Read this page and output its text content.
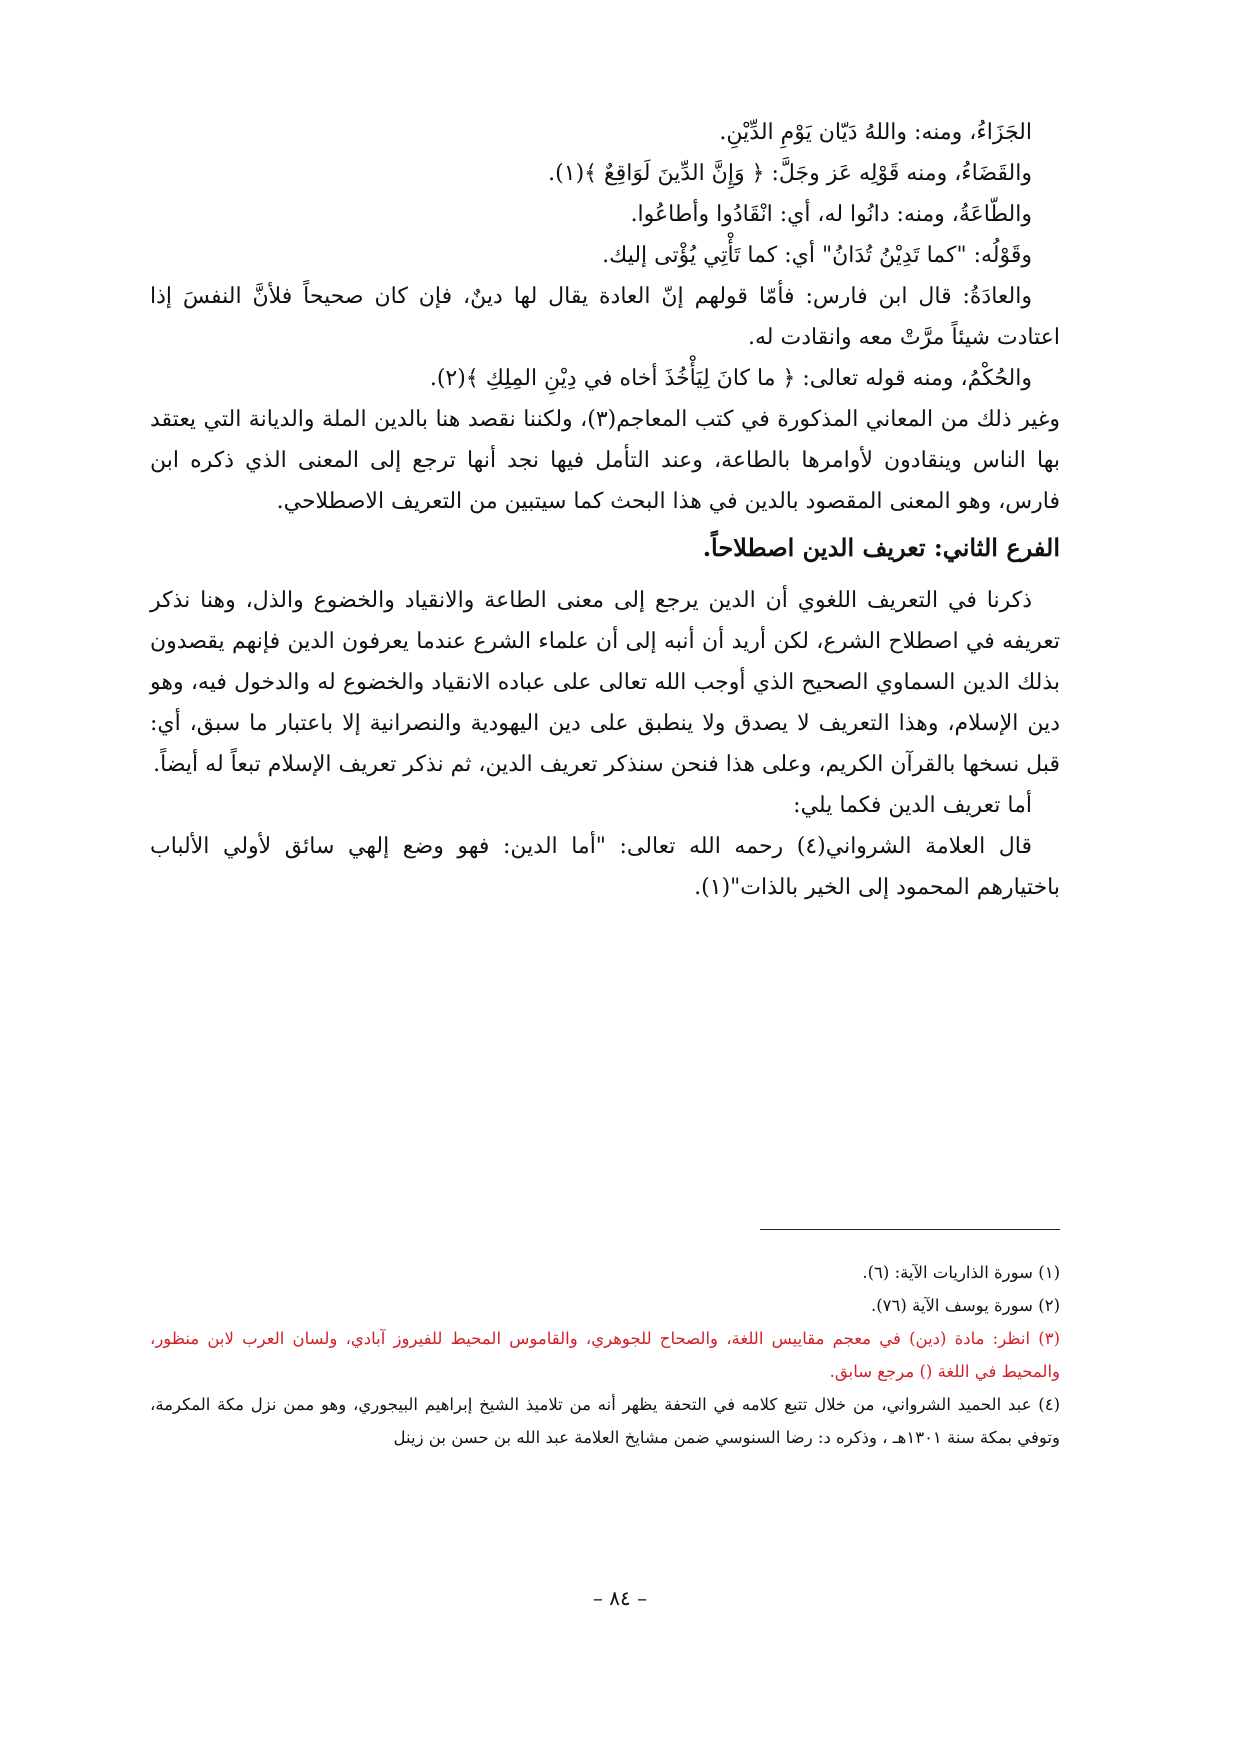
الجَزَاءُ، ومنه: واللهُ دَيّان يَوْمِ الدِّيْنِ.

والقَضَاءُ، ومنه قَوْلِه عَز وجَلَّ: ﴿ وَإِنَّ الدِّينَ لَوَاقِعٌ ﴾(١).

والطّاعَةُ، ومنه: دانُوا له، أي: انْقَادُوا وأطاعُوا.

وقَوْلُه: "كما تَدِيْنُ تُدَانُ" أي: كما تَأْتِي يُؤْتى إليك.

والعادَةُ: قال ابن فارس: فأمّا قولهم إنّ العادة يقال لها دينٌ، فإن كان صحيحاً فلأنَّ النفسَ إذا اعتادت شيئاً مرَّتْ معه وانقادت له.

والحُكْمُ، ومنه قوله تعالى: ﴿ ما كانَ لِيَأْخُذَ أخاه في دِيْنِ المِلِكِ ﴾(٢).

وغير ذلك من المعاني المذكورة في كتب المعاجم(٣)، ولكننا نقصد هنا بالدين الملة والديانة التي يعتقد بها الناس وينقادون لأوامرها بالطاعة، وعند التأمل فيها نجد أنها ترجع إلى المعنى الذي ذكره ابن فارس، وهو المعنى المقصود بالدين في هذا البحث كما سيتبين من التعريف الاصطلاحي.

الفرع الثاني: تعريف الدين اصطلاحاً.

ذكرنا في التعريف اللغوي أن الدين يرجع إلى معنى الطاعة والانقياد والخضوع والذل، وهنا نذكر تعريفه في اصطلاح الشرع، لكن أريد أن أنبه إلى أن علماء الشرع عندما يعرفون الدين فإنهم يقصدون بذلك الدين السماوي الصحيح الذي أوجب الله تعالى على عباده الانقياد والخضوع له والدخول فيه، وهو دين الإسلام، وهذا التعريف لا يصدق ولا ينطبق على دين اليهودية والنصرانية إلا باعتبار ما سبق، أي: قبل نسخها بالقرآن الكريم، وعلى هذا فنحن سنذكر تعريف الدين، ثم نذكر تعريف الإسلام تبعاً له أيضاً.

أما تعريف الدين فكما يلي:

قال العلامة الشرواني(٤) رحمه الله تعالى: "أما الدين: فهو وضع إلهي سائق لأولي الألباب باختيارهم المحمود إلى الخير بالذات"(١).

(١) سورة الذاريات الآية: (٦).

(٢) سورة يوسف الآية (٧٦).

(٣) انظر: مادة (دين) في معجم مقاييس اللغة، والصحاح للجوهري، والقاموس المحيط للفيروز آبادي، ولسان العرب لابن منظور، والمحيط في اللغة () مرجع سابق.

(٤) عبد الحميد الشرواني، من خلال تتبع كلامه في التحفة يظهر أنه من تلاميذ الشيخ إبراهيم البيجوري، وهو ممن نزل مكة المكرمة، وتوفي بمكة سنة ١٣٠١هـ ، وذكره د: رضا السنوسي ضمن مشايخ العلامة عبد الله بن حسن بن زينل

– ٨٤ –
